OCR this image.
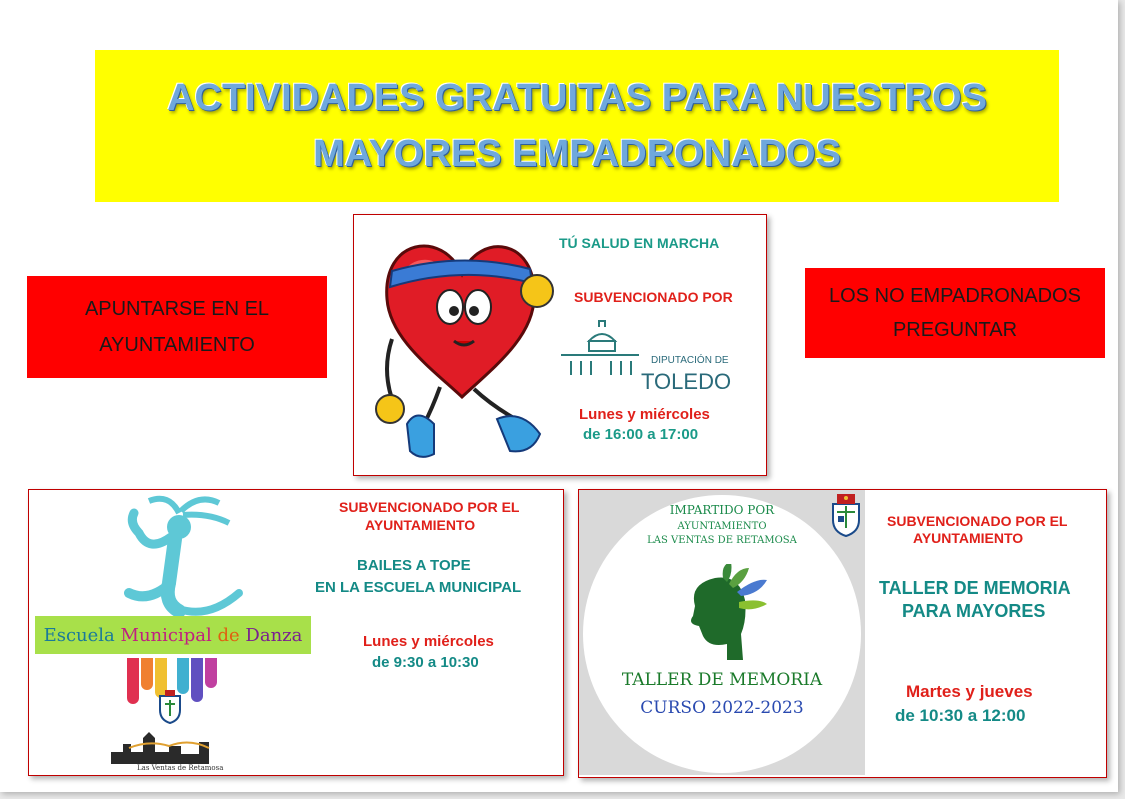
ACTIVIDADES GRATUITAS PARA NUESTROS
MAYORES EMPADRONADOS
APUNTARSE EN EL
AYUNTAMIENTO
LOS NO EMPADRONADOS
PREGUNTAR
TÚ SALUD EN MARCHA
SUBVENCIONADO POR
DIPUTACIÓN DE
TOLEDO
Lunes y miércoles
de 16:00 a 17:00
Escuela
Municipal
de
Danza
Las Ventas de Retamosa
SUBVENCIONADO POR EL
AYUNTAMIENTO
BAILES A TOPE
EN LA ESCUELA MUNICIPAL
Lunes y miércoles
de 9:30 a 10:30
IMPARTIDO POR
AYUNTAMIENTO
LAS VENTAS DE RETAMOSA
TALLER DE MEMORIA
CURSO 2022-2023
SUBVENCIONADO POR EL
AYUNTAMIENTO
TALLER DE MEMORIA
PARA MAYORES
Martes y jueves
de 10:30 a 12:00
